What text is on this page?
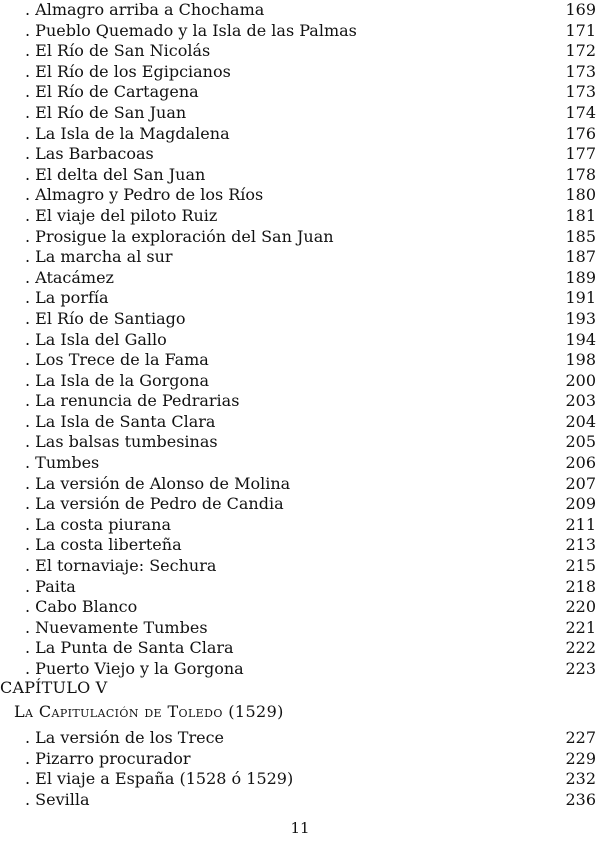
. Almagro arriba a Chochama	169
. Pueblo Quemado y la Isla de las Palmas	171
. El Río de San Nicolás	172
. El Río de los Egipcianos	173
. El Río de Cartagena	173
. El Río de San Juan	174
. La Isla de la Magdalena	176
. Las Barbacoas	177
. El delta del San Juan	178
. Almagro y Pedro de los Ríos	180
. El viaje del piloto Ruiz	181
. Prosigue la exploración del San Juan	185
. La marcha al sur	187
. Atacámez	189
. La porfía	191
. El Río de Santiago	193
. La Isla del Gallo	194
. Los Trece de la Fama	198
. La Isla de la Gorgona	200
. La renuncia de Pedrarias	203
. La Isla de Santa Clara	204
. Las balsas tumbesinas	205
. Tumbes	206
. La versión de Alonso de Molina	207
. La versión de Pedro de Candia	209
. La costa piurana	211
. La costa liberteña	213
. El tornaviaje: Sechura	215
. Paita	218
. Cabo Blanco	220
. Nuevamente Tumbes	221
. La Punta de Santa Clara	222
. Puerto Viejo y la Gorgona	223
CAPÍTULO V
La Capitulación de Toledo (1529)
. La versión de los Trece	227
. Pizarro procurador	229
. El viaje a España (1528 ó 1529)	232
. Sevilla	236
11
